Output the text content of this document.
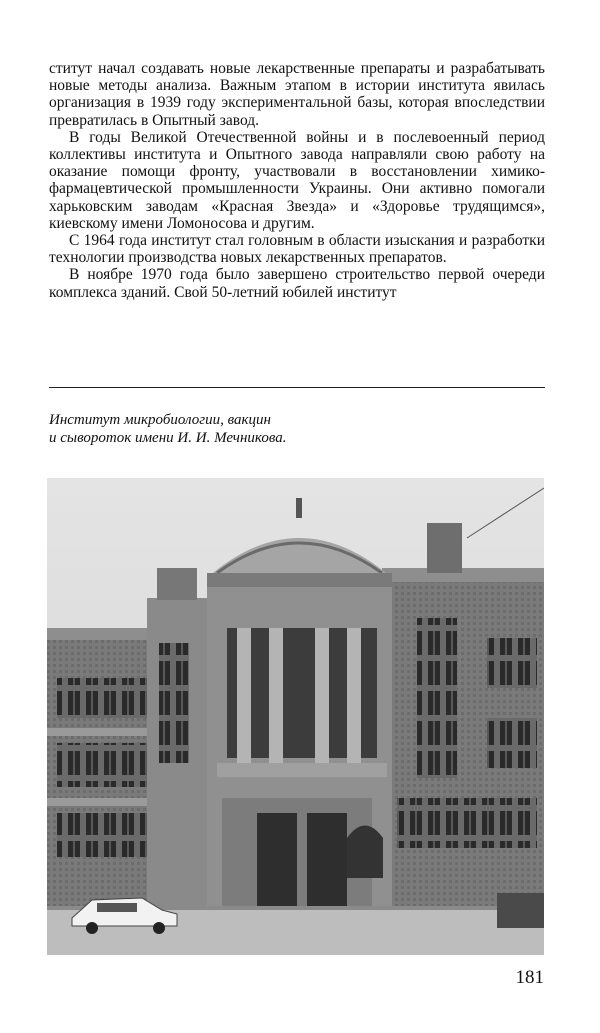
ститут начал создавать новые лекарственные препараты и разрабатывать новые методы анализа. Важным этапом в истории института явилась организация в 1939 году экспериментальной базы, которая впоследствии превратилась в Опытный завод.

В годы Великой Отечественной войны и в послевоенный период коллективы института и Опытного завода направляли свою работу на оказание помощи фронту, участвовали в восстановлении химико-фармацевтической промышленности Украины. Они активно помогали харьковским заводам «Красная Звезда» и «Здоровье трудящимся», киевскому имени Ломоносова и другим.

С 1964 года институт стал головным в области изыскания и разработки технологии производства новых лекарственных препаратов.

В ноябре 1970 года было завершено строительство первой очереди комплекса зданий. Свой 50-летний юбилей институт

Институт микробиологии, вакцин
и сывороток имени И. И. Мечникова.
181
